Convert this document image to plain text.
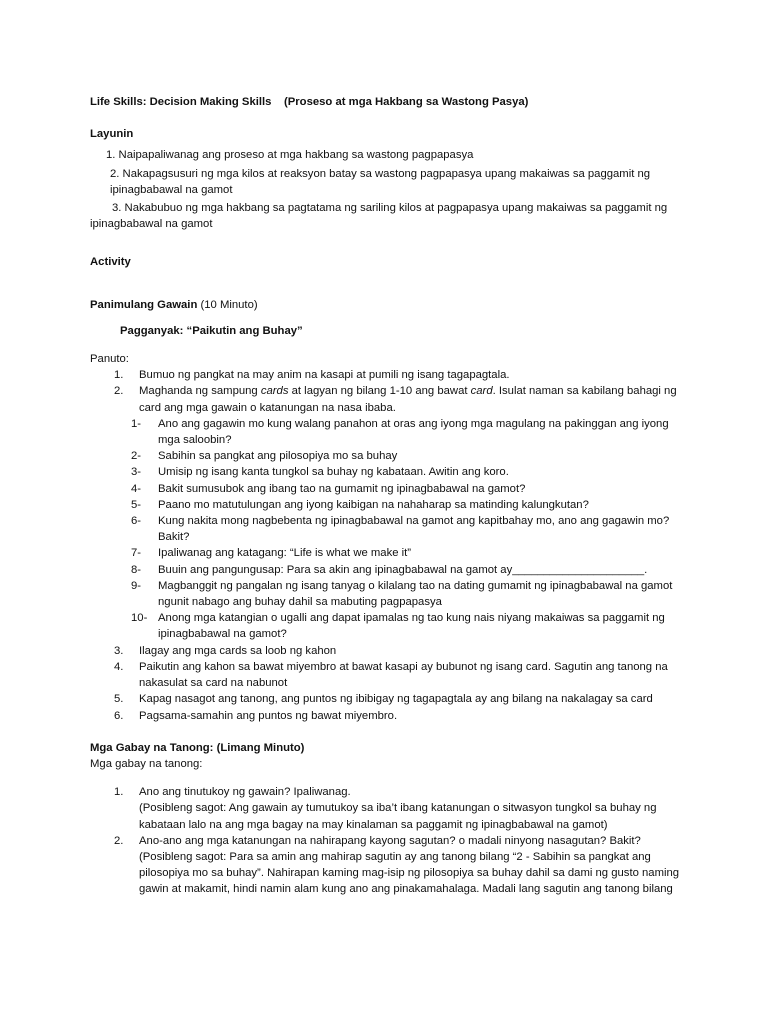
Life Skills: Decision Making Skills    (Proseso at mga Hakbang sa Wastong Pasya)

Layunin

1. Naipapaliwanag ang proseso at mga hakbang sa wastong pagpapasya

2. Nakapagsusuri ng mga kilos at reaksyon batay sa wastong pagpapasya upang makaiwas sa paggamit ng ipinagbabawal na gamot

3. Nakabubuo ng mga hakbang sa pagtatama ng sariling kilos at pagpapasya upang makaiwas sa paggamit ng ipinagbabawal na gamot

Activity

Panimulang Gawain (10 Minuto)

Pagganyak: “Paikutin ang Buhay”

Panuto:

1. Bumuo ng pangkat na may anim na kasapi at pumili ng isang tagapagtala.
2. Maghanda ng sampung cards at lagyan ng bilang 1-10 ang bawat card. Isulat naman sa kabilang bahagi ng card ang mga gawain o katanungan na nasa ibaba.
1- Ano ang gagawin mo kung walang panahon at oras ang iyong mga magulang na pakinggan ang iyong mga saloobin?
2- Sabihin sa pangkat ang pilosopiya mo sa buhay
3- Umisip ng isang kanta tungkol sa buhay ng kabataan. Awitin ang koro.
4- Bakit sumusubok ang ibang tao na gumamit ng ipinagbabawal na gamot?
5- Paano mo matutulungan ang iyong kaibigan na nahaharap sa matinding kalungkutan?
6- Kung nakita mong nagbebenta ng ipinagbabawal na gamot ang kapitbahay mo, ano ang gagawin mo? Bakit?
7- Ipaliwanag ang katagang: “Life is what we make it”
8- Buuin ang pangungusap: Para sa akin ang ipinagbabawal na gamot ay_____________________.
9- Magbanggit ng pangalan ng isang tanyag o kilalang tao na dating gumamit ng ipinagbabawal na gamot ngunit nabago ang buhay dahil sa mabuting pagpapasya
10- Anong mga katangian o ugalli ang dapat ipamalas ng tao kung nais niyang makaiwas sa paggamit ng ipinagbabawal na gamot?
3. Ilagay ang mga cards sa loob ng kahon
4. Paikutin ang kahon sa bawat miyembro at bawat kasapi ay bubunot ng isang card. Sagutin ang tanong na nakasulat sa card na nabunot
5. Kapag nasagot ang tanong, ang puntos ng ibibigay ng tagapagtala ay ang bilang na nakalagay sa card
6. Pagsama-samahin ang puntos ng bawat miyembro.

Mga Gabay na Tanong: (Limang Minuto)

Mga gabay na tanong:

1. Ano ang tinutukoy ng gawain? Ipaliwanag.
(Posibleng sagot: Ang gawain ay tumutukoy sa iba’t ibang katanungan o sitwasyon tungkol sa buhay ng kabataan lalo na ang mga bagay na may kinalaman sa paggamit ng ipinagbabawal na gamot)
2. Ano-ano ang mga katanungan na nahirapang kayong sagutan? o madali ninyong nasagutan? Bakit?
(Posibleng sagot: Para sa amin ang mahirap sagutin ay ang tanong bilang “2 - Sabihin sa pangkat ang pilosopiya mo sa buhay”. Nahirapan kaming mag-isip ng pilosopiya sa buhay dahil sa dami ng gusto naming gawin at makamit, hindi namin alam kung ano ang pinakamahalaga. Madali lang sagutin ang tanong bilang
